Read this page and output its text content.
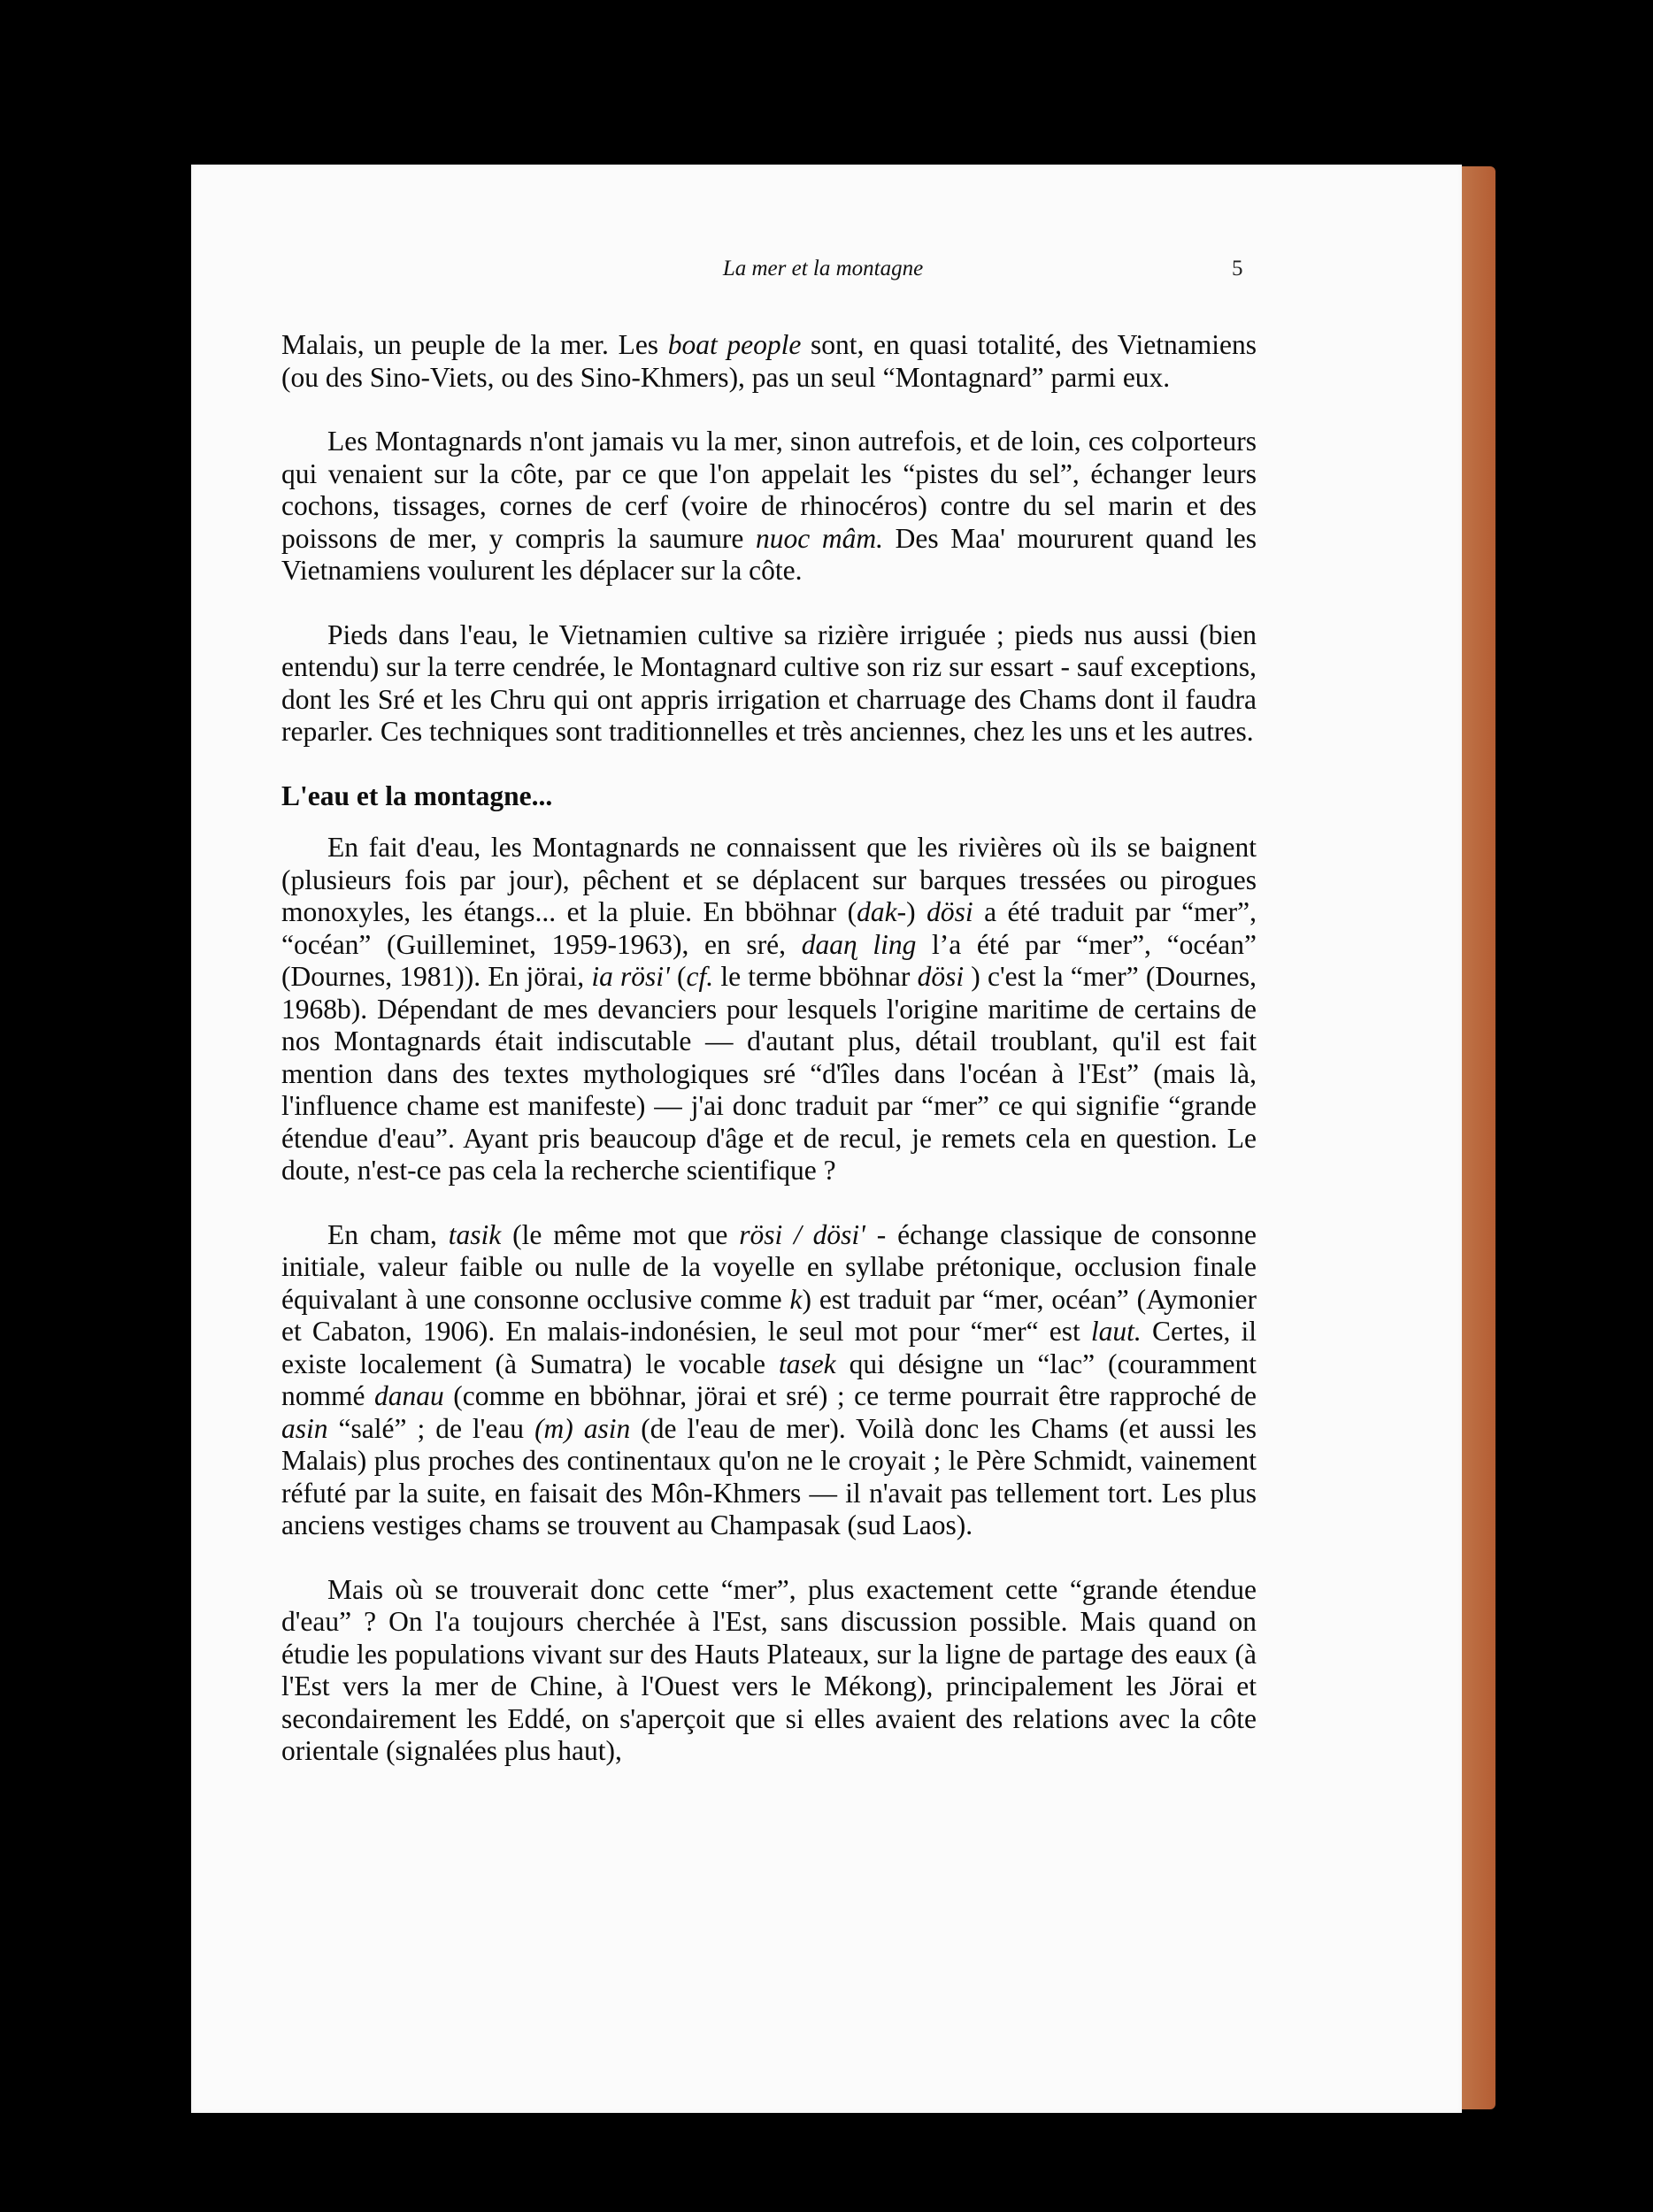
La mer et la montagne	5

Malais, un peuple de la mer. Les boat people sont, en quasi totalité, des Vietnamiens (ou des Sino-Viets, ou des Sino-Khmers), pas un seul “Montagnard” parmi eux.

Les Montagnards n'ont jamais vu la mer, sinon autrefois, et de loin, ces colporteurs qui venaient sur la côte, par ce que l'on appelait les “pistes du sel”, échanger leurs cochons, tissages, cornes de cerf (voire de rhinocéros) contre du sel marin et des poissons de mer, y compris la saumure nuoc mâm. Des Maa' moururent quand les Vietnamiens voulurent les déplacer sur la côte.

Pieds dans l'eau, le Vietnamien cultive sa rizière irriguée ; pieds nus aussi (bien entendu) sur la terre cendrée, le Montagnard cultive son riz sur essart - sauf exceptions, dont les Sré et les Chru qui ont appris irrigation et charruage des Chams dont il faudra reparler. Ces techniques sont traditionnelles et très anciennes, chez les uns et les autres.

L'eau et la montagne...

En fait d'eau, les Montagnards ne connaissent que les rivières où ils se baignent (plusieurs fois par jour), pêchent et se déplacent sur barques tressées ou pirogues monoxyles, les étangs... et la pluie. En bböhnar (dak-) dösi a été traduit par “mer”, “océan” (Guilleminet, 1959-1963), en sré, daaɳ ling l’a été par “mer”, “océan” (Dournes, 1981)). En jörai, ia rösi' (cf. le terme bböhnar dösi ) c'est la “mer” (Dournes, 1968b). Dépendant de mes devanciers pour lesquels l'origine maritime de certains de nos Montagnards était indiscutable — d'autant plus, détail troublant, qu'il est fait mention dans des textes mythologiques sré “d'îles dans l'océan à l'Est” (mais là, l'influence chame est manifeste) — j'ai donc traduit par “mer” ce qui signifie “grande étendue d'eau”. Ayant pris beaucoup d'âge et de recul, je remets cela en question. Le doute, n'est-ce pas cela la recherche scientifique ?

En cham, tasik (le même mot que rösi / dösi' - échange classique de consonne initiale, valeur faible ou nulle de la voyelle en syllabe prétonique, occlusion finale équivalant à une consonne occlusive comme k) est traduit par “mer, océan” (Aymonier et Cabaton, 1906). En malais-indonésien, le seul mot pour “mer“ est laut. Certes, il existe localement (à Sumatra) le vocable tasek qui désigne un “lac” (couramment nommé danau (comme en bböhnar, jörai et sré) ; ce terme pourrait être rapproché de asin “salé” ; de l'eau (m) asin (de l'eau de mer). Voilà donc les Chams (et aussi les Malais) plus proches des continentaux qu'on ne le croyait ; le Père Schmidt, vainement réfuté par la suite, en faisait des Môn-Khmers — il n'avait pas tellement tort. Les plus anciens vestiges chams se trouvent au Champasak (sud Laos).

Mais où se trouverait donc cette “mer”, plus exactement cette “grande étendue d'eau” ? On l'a toujours cherchée à l'Est, sans discussion possible. Mais quand on étudie les populations vivant sur des Hauts Plateaux, sur la ligne de partage des eaux (à l'Est vers la mer de Chine, à l'Ouest vers le Mékong), principalement les Jörai et secondairement les Eddé, on s'aperçoit que si elles avaient des relations avec la côte orientale (signalées plus haut),
